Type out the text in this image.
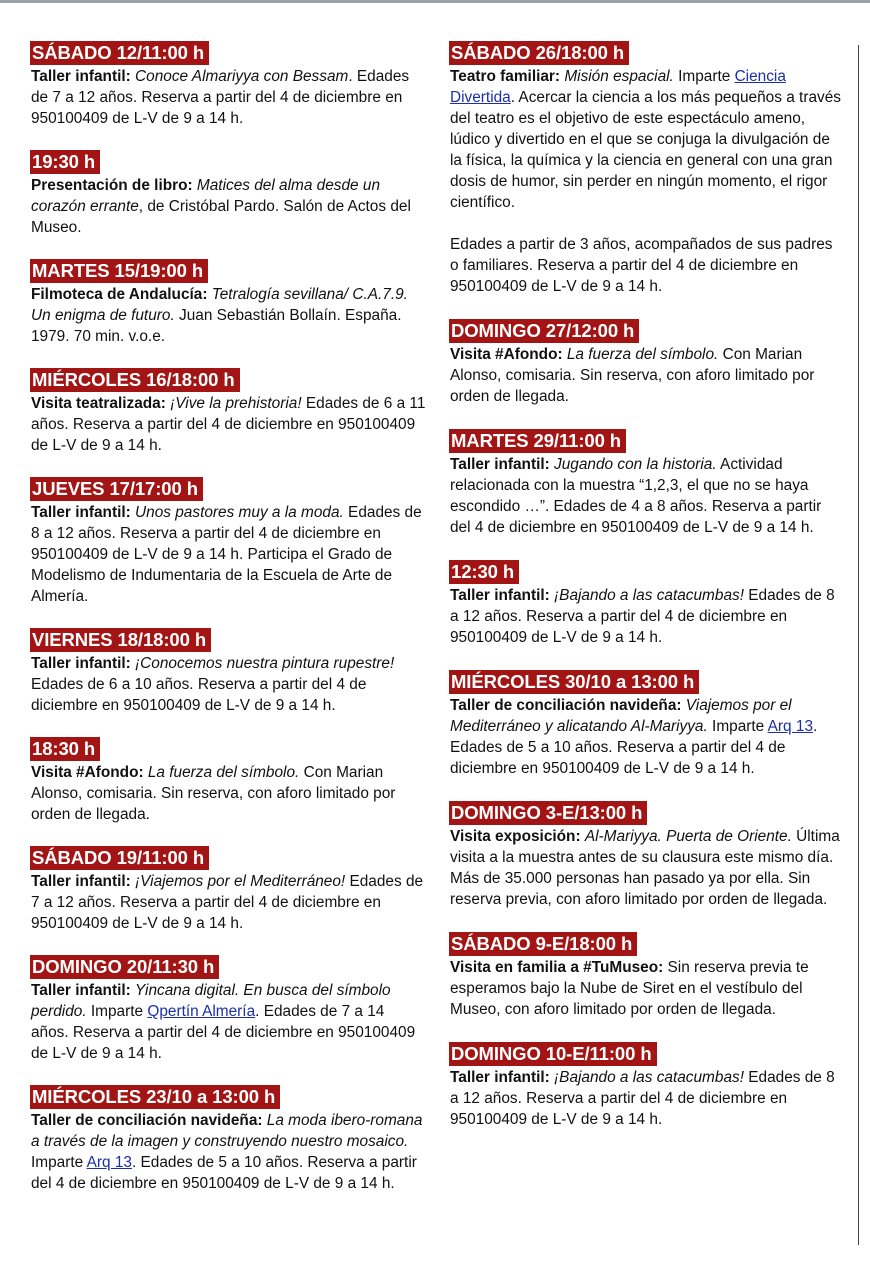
SÁBADO 12/11:00 h

Taller infantil: Conoce Almariyya con Bessam. Edades de 7 a 12 años. Reserva a partir del 4 de diciembre en 950100409 de L-V de 9 a 14 h.

19:30 h

Presentación de libro: Matices del alma desde un corazón errante, de Cristóbal Pardo. Salón de Actos del Museo.

MARTES 15/19:00 h

Filmoteca de Andalucía: Tetralogía sevillana/ C.A.7.9. Un enigma de futuro. Juan Sebastián Bollaín. España. 1979. 70 min. v.o.e.

MIÉRCOLES 16/18:00 h

Visita teatralizada: ¡Vive la prehistoria! Edades de 6 a 11 años. Reserva a partir del 4 de diciembre en 950100409 de L-V de 9 a 14 h.

JUEVES 17/17:00 h

Taller infantil: Unos pastores muy a la moda. Edades de 8 a 12 años. Reserva a partir del 4 de diciembre en 950100409 de L-V de 9 a 14 h. Participa el Grado de Modelismo de Indumentaria de la Escuela de Arte de Almería.

VIERNES 18/18:00 h

Taller infantil: ¡Conocemos nuestra pintura rupestre! Edades de 6 a 10 años. Reserva a partir del 4 de diciembre en 950100409 de L-V de 9 a 14 h.

18:30 h

Visita #Afondo: La fuerza del símbolo. Con Marian Alonso, comisaria. Sin reserva, con aforo limitado por orden de llegada.

SÁBADO 19/11:00 h

Taller infantil: ¡Viajemos por el Mediterráneo! Edades de 7 a 12 años. Reserva a partir del 4 de diciembre en 950100409 de L-V de 9 a 14 h.

DOMINGO 20/11:30 h

Taller infantil: Yincana digital. En busca del símbolo perdido. Imparte Qpertín Almería. Edades de 7 a 14 años. Reserva a partir del 4 de diciembre en 950100409 de L-V de 9 a 14 h.

MIÉRCOLES 23/10 a 13:00 h

Taller de conciliación navideña: La moda ibero-romana a través de la imagen y construyendo nuestro mosaico. Imparte Arq 13. Edades de 5 a 10 años. Reserva a partir del 4 de diciembre en 950100409 de L-V de 9 a 14 h.

SÁBADO 26/18:00 h

Teatro familiar: Misión espacial. Imparte Ciencia Divertida. Acercar la ciencia a los más pequeños a través del teatro es el objetivo de este espectáculo ameno, lúdico y divertido en el que se conjuga la divulgación de la física, la química y la ciencia en general con una gran dosis de humor, sin perder en ningún momento, el rigor científico.

Edades a partir de 3 años, acompañados de sus padres o familiares. Reserva a partir del 4 de diciembre en 950100409 de L-V de 9 a 14 h.

DOMINGO 27/12:00 h

Visita #Afondo: La fuerza del símbolo. Con Marian Alonso, comisaria. Sin reserva, con aforo limitado por orden de llegada.

MARTES 29/11:00 h

Taller infantil: Jugando con la historia. Actividad relacionada con la muestra “1,2,3, el que no se haya escondido …”. Edades de 4 a 8 años. Reserva a partir del 4 de diciembre en 950100409 de L-V de 9 a 14 h.

12:30 h

Taller infantil: ¡Bajando a las catacumbas! Edades de 8 a 12 años. Reserva a partir del 4 de diciembre en 950100409 de L-V de 9 a 14 h.

MIÉRCOLES 30/10 a 13:00 h

Taller de conciliación navideña: Viajemos por el Mediterráneo y alicatando Al-Mariyya. Imparte Arq 13. Edades de 5 a 10 años. Reserva a partir del 4 de diciembre en 950100409 de L-V de 9 a 14 h.

DOMINGO 3-E/13:00 h

Visita exposición: Al-Mariyya. Puerta de Oriente. Última visita a la muestra antes de su clausura este mismo día. Más de 35.000 personas han pasado ya por ella. Sin reserva previa, con aforo limitado por orden de llegada.

SÁBADO 9-E/18:00 h

Visita en familia a #TuMuseo: Sin reserva previa te esperamos bajo la Nube de Siret en el vestíbulo del Museo, con aforo limitado por orden de llegada.

DOMINGO 10-E/11:00 h

Taller infantil: ¡Bajando a las catacumbas! Edades de 8 a 12 años. Reserva a partir del 4 de diciembre en 950100409 de L-V de 9 a 14 h.
